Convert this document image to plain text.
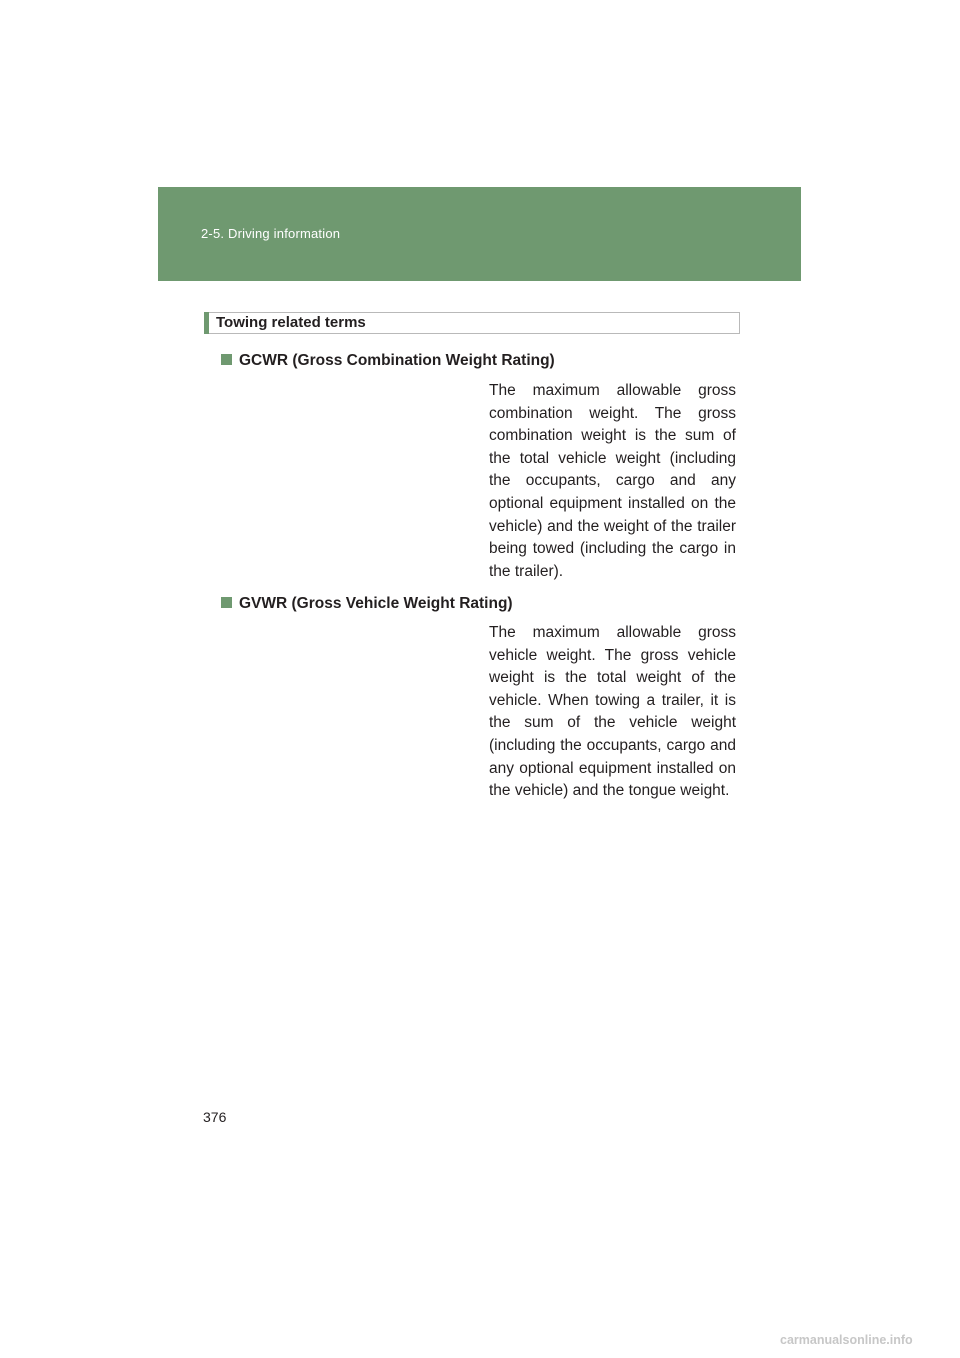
2-5. Driving information
Towing related terms
GCWR (Gross Combination Weight Rating)

The maximum allowable gross combination weight. The gross combination weight is the sum of the total vehicle weight (including the occupants, cargo and any optional equipment installed on the vehicle) and the weight of the trailer being towed (including the cargo in the trailer).

GVWR (Gross Vehicle Weight Rating)

The maximum allowable gross vehicle weight. The gross vehicle weight is the total weight of the vehicle. When towing a trailer, it is the sum of the vehicle weight (including the occupants, cargo and any optional equipment installed on the vehicle) and the tongue weight.

376
carmanualsonline.info
